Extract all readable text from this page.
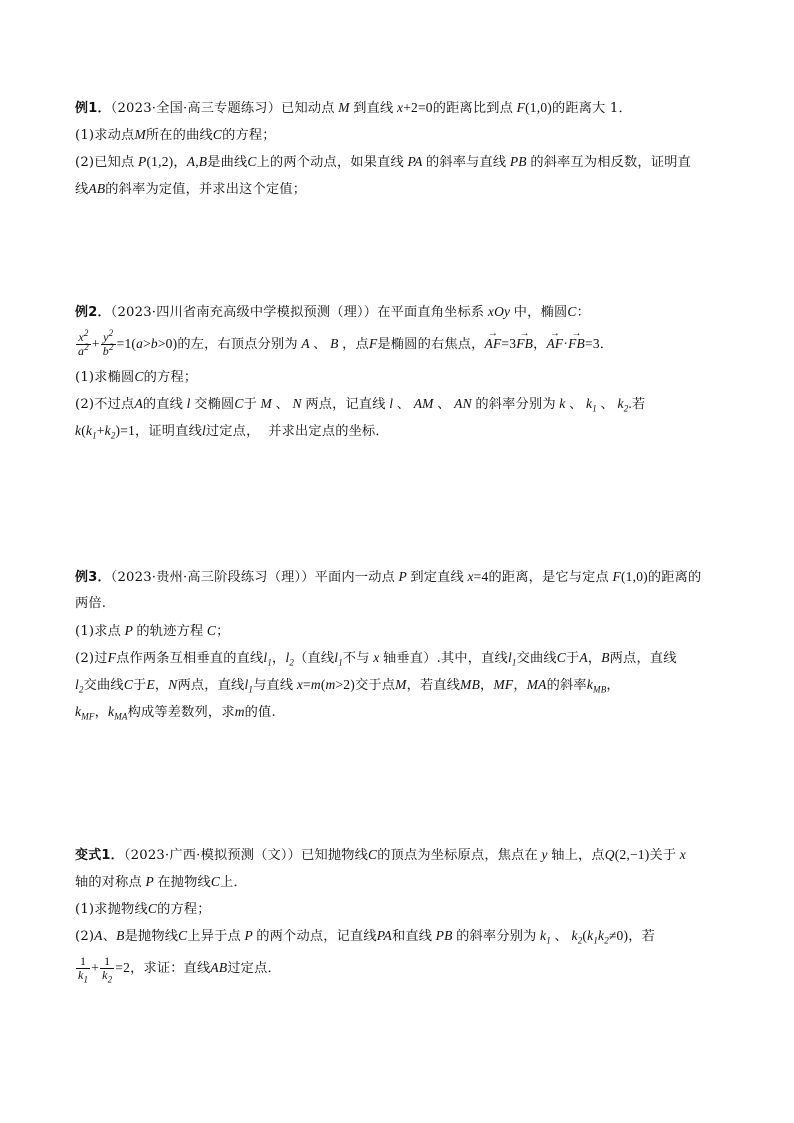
例1．（2023·全国·高三专题练习）已知动点 M 到直线 x+2=0的距离比到点 F(1,0)的距离大 1．
(1)求动点M所在的曲线C的方程；
(2)已知点 P(1,2)，A,B是曲线C上的两个动点，如果直线 PA 的斜率与直线 PB 的斜率互为相反数，证明直
线AB的斜率为定值，并求出这个定值；
例2．（2023·四川省南充高级中学模拟预测（理））在平面直角坐标系 xOy 中，椭圆C：
$\frac{x^2}{a^2} + \frac{y^2}{b^2} =1(a>b>0)$的左，右顶点分别为 A 、 B ，点F是椭圆的右焦点，→ AF=3→ FB，→ AF·→ FB=3．
(1)求椭圆C的方程；
(2)不过点A的直线 l 交椭圆C于 M 、 N 两点，记直线 l 、 AM 、 AN 的斜率分别为 k 、 $k_1$ 、 $k_2$.若
$k(k_1+k_2)=1$，证明直线l过定点， 并求出定点的坐标．
例3．（2023·贵州·高三阶段练习（理））平面内一动点 P 到定直线 x=4的距离，是它与定点 F(1,0)的距离的
两倍.
(1)求点 P 的轨迹方程 C；
(2)过F点作两条互相垂直的直线$l_1$，$l_2$（直线$l_1$不与 x 轴垂直）.其中，直线$l_1$交曲线C于A，B两点，直线
$l_2$交曲线C于E，N两点，直线$l_1$与直线 x=m(m>2)交于点M，若直线MB，MF，MA的斜率$k_{MB}$，
$k_{MF}$，$k_{MA}$构成等差数列，求m的值.
变式1．（2023·广西·模拟预测（文））已知抛物线C的顶点为坐标原点，焦点在 y 轴上，点Q(2,−1)关于 x
轴的对称点 P 在抛物线C上．
(1)求抛物线C的方程；
(2)A、B是抛物线C上异于点 P 的两个动点，记直线PA和直线 PB 的斜率分别为 $k_1$ 、 $k_2(k_1k_2\ne 0)$，若
$\frac{1}{k_1} + \frac{1}{k_2} =2$，求证：直线AB过定点．
